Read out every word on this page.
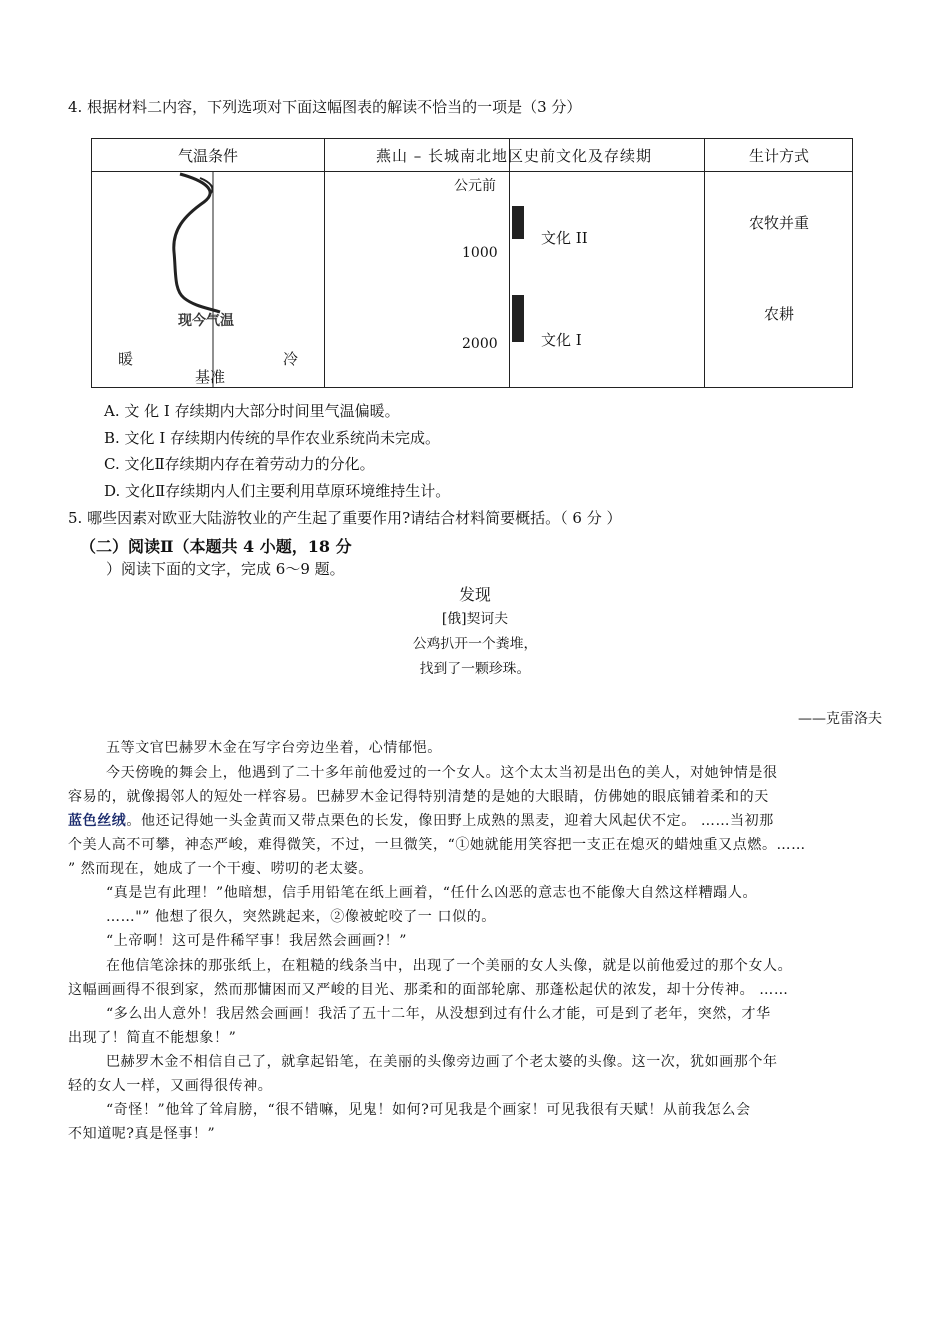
4. 根据材料二内容，下列选项对下面这幅图表的解读不恰当的一项是（3 分）
气温条件	燕山 – 长城南北地区史前文化及存续期	生计方式
现今气温
暖	冷
基准
公元前
1000
2000
文化 II
文化 I
农牧并重
农耕
A. 文 化 I 存续期内大部分时间里气温偏暖。
B. 文化 I 存续期内传统的旱作农业系统尚未完成。
C. 文化Ⅱ存续期内存在着劳动力的分化。
D. 文化Ⅱ存续期内人们主要利用草原环境维持生计。
5. 哪些因素对欧亚大陆游牧业的产生起了重要作用?请结合材料简要概括。（ 6 分 ）
（二）阅读Ⅱ（本题共 4 小题，18 分
）阅读下面的文字，完成 6～9 题。
发现
[俄]契诃夫
公鸡扒开一个粪堆，
找到了一颗珍珠。
——克雷洛夫
五等文官巴赫罗木金在写字台旁边坐着，心情郁悒。
今天傍晚的舞会上，他遇到了二十多年前他爱过的一个女人。这个太太当初是出色的美人，对她钟情是很
容易的，就像揭邻人的短处一样容易。巴赫罗木金记得特别清楚的是她的大眼睛，仿佛她的眼底铺着柔和的天
蓝色丝绒。他还记得她一头金黄而又带点栗色的长发，像田野上成熟的黑麦，迎着大风起伏不定。 ……当初那
个美人高不可攀，神态严峻，难得微笑，不过，一旦微笑，“①她就能用笑容把一支正在熄灭的蜡烛重又点燃。……
” 然而现在，她成了一个干瘦、唠叨的老太婆。
“真是岂有此理！”他暗想，信手用铅笔在纸上画着，“任什么凶恶的意志也不能像大自然这样糟蹋人。
……"” 他想了很久，突然跳起来，②像被蛇咬了一 口似的。
“上帝啊！这可是件稀罕事！我居然会画画?！”
在他信笔涂抹的那张纸上，在粗糙的线条当中，出现了一个美丽的女人头像，就是以前他爱过的那个女人。
这幅画画得不很到家，然而那慵困而又严峻的目光、那柔和的面部轮廓、那蓬松起伏的浓发，却十分传神。 ……
“多么出人意外！我居然会画画！我活了五十二年，从没想到过有什么才能，可是到了老年，突然，才华
出现了！简直不能想象！”
巴赫罗木金不相信自己了，就拿起铅笔，在美丽的头像旁边画了个老太婆的头像。这一次，犹如画那个年
轻的女人一样，又画得很传神。
“奇怪！”他耸了耸肩膀，“很不错嘛，见鬼！如何?可见我是个画家！可见我很有天赋！从前我怎么会
不知道呢?真是怪事！”
